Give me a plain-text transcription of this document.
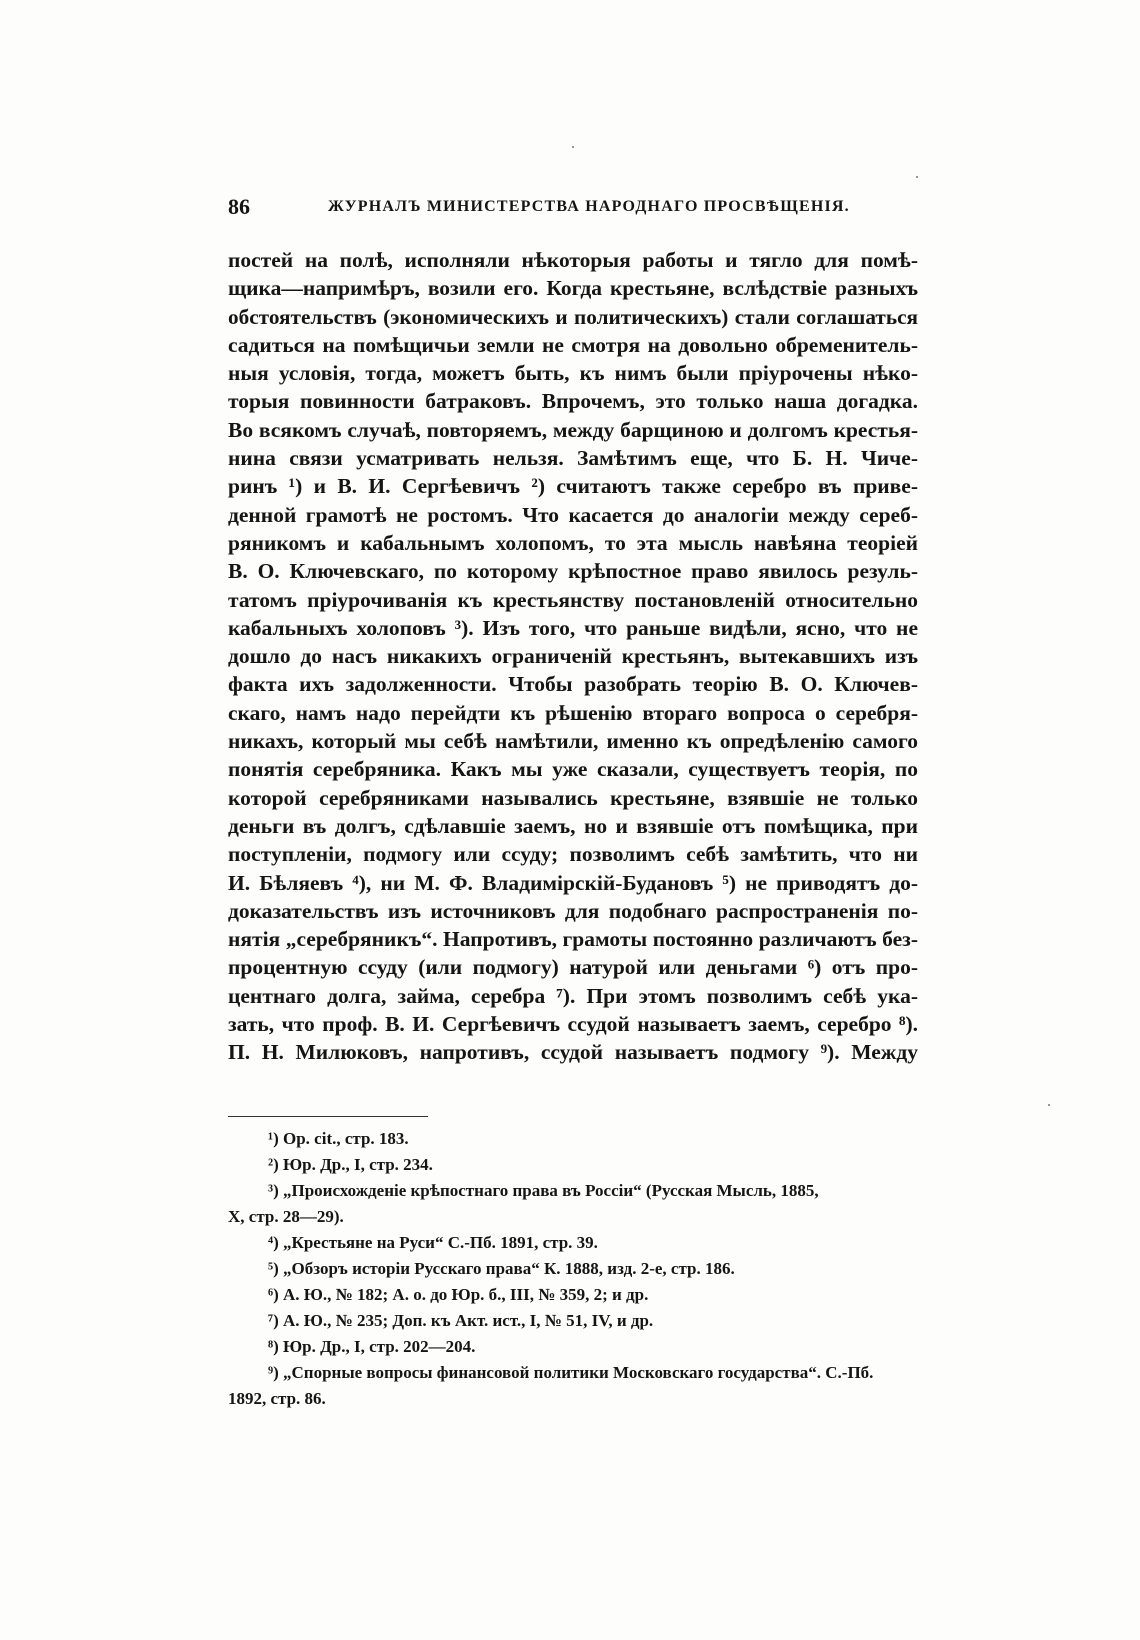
86	ЖУРНАЛЪ МИНИСТЕРСТВА НАРОДНАГО ПРОСВѢЩЕНІЯ.
постей на полѣ, исполняли нѣкоторыя работы и тягло для помѣ-
щика—напримѣръ, возили его. Когда крестьяне, вслѣдствіе разныхъ
обстоятельствъ (экономическихъ и политическихъ) стали соглашаться
садиться на помѣщичьи земли не смотря на довольно обременитель-
ныя условія, тогда, можетъ быть, къ нимъ были пріурочены нѣко-
торыя повинности батраковъ. Впрочемъ, это только наша догадка.
Во всякомъ случаѣ, повторяемъ, между барщиною и долгомъ крестья-
нина связи усматривать нельзя. Замѣтимъ еще, что Б. Н. Чиче-
ринъ ¹) и В. И. Сергѣевичъ ²) считаютъ также серебро въ приве-
денной грамотѣ не ростомъ. Что касается до аналогіи между сереб-
ряникомъ и кабальнымъ холопомъ, то эта мысль навѣяна теоріей
В. О. Ключевскаго, по которому крѣпостное право явилось резуль-
татомъ пріурочиванія къ крестьянству постановленій относительно
кабальныхъ холоповъ ³). Изъ того, что раньше видѣли, ясно, что не
дошло до насъ никакихъ ограниченій крестьянъ, вытекавшихъ изъ
факта ихъ задолженности. Чтобы разобрать теорію В. О. Ключев-
скаго, намъ надо перейдти къ рѣшенію втораго вопроса о серебря-
никахъ, который мы себѣ намѣтили, именно къ опредѣленію самого
понятія серебряника. Какъ мы уже сказали, существуетъ теорія, по
которой серебряниками назывались крестьяне, взявшіе не только
деньги въ долгъ, сдѣлавшіе заемъ, но и взявшіе отъ помѣщика, при
поступленіи, подмогу или ссуду; позволимъ себѣ замѣтить, что ни
И. Бѣляевъ ⁴), ни М. Ф. Владимірскій-Будановъ ⁵) не приводятъ до-
доказательствъ изъ источниковъ для подобнаго распространенія по-
нятія „серебряникъ“. Напротивъ, грамоты постоянно различаютъ без-
процентную ссуду (или подмогу) натурой или деньгами ⁶) отъ про-
центнаго долга, займа, серебра ⁷). При этомъ позволимъ себѣ ука-
зать, что проф. В. И. Сергѣевичъ ссудой называетъ заемъ, серебро ⁸).
П. Н. Милюковъ, напротивъ, ссудой называетъ подмогу ⁹). Между
¹) Op. cit., стр. 183.
²) Юр. Др., I, стр. 234.
³) „Происхожденіе крѣпостнаго права въ Россіи“ (Русская Мысль, 1885,
X, стр. 28—29).
⁴) „Крестьяне на Руси“ С.-Пб. 1891, стр. 39.
⁵) „Обзоръ исторіи Русскаго права“ К. 1888, изд. 2-е, стр. 186.
⁶) А. Ю., № 182; А. о. до Юр. б., III, № 359, 2; и др.
⁷) А. Ю., № 235; Доп. къ Акт. ист., I, № 51, IV, и др.
⁸) Юр. Др., I, стр. 202—204.
⁹) „Спорные вопросы финансовой политики Московскаго государства“. С.-Пб.
1892, стр. 86.
